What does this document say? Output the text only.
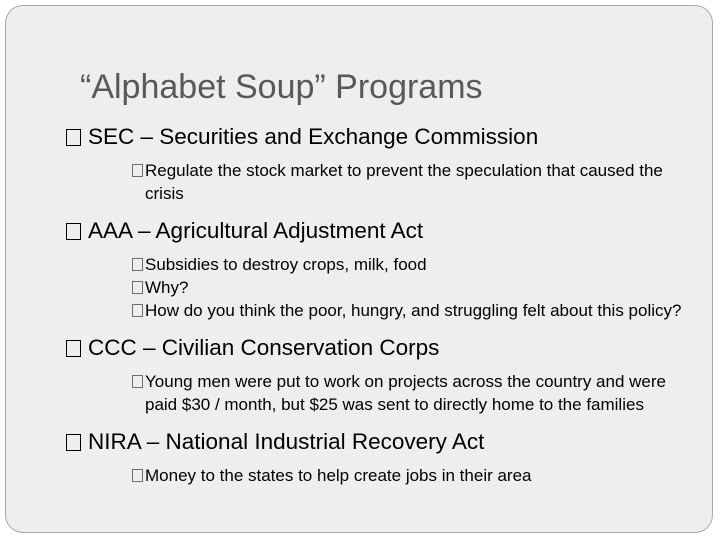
“Alphabet Soup” Programs
SEC – Securities and Exchange Commission
Regulate the stock market to prevent the speculation that caused the crisis
AAA – Agricultural Adjustment Act
Subsidies to destroy crops, milk, food
Why?
How do you think the poor, hungry, and struggling felt about this policy?
CCC – Civilian Conservation Corps
Young men were put to work on projects across the country and were paid $30 / month, but $25 was sent to directly home to the families
NIRA – National Industrial Recovery Act
Money to the states to help create jobs in their area
